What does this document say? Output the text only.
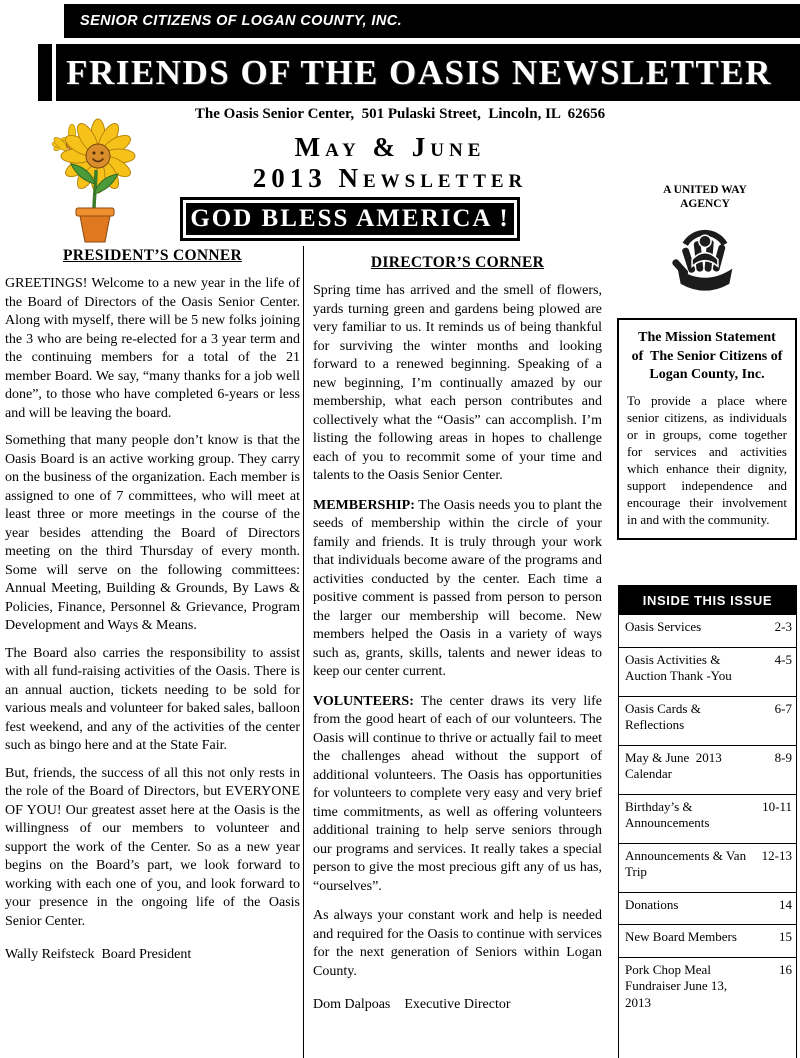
SENIOR CITIZENS OF LOGAN COUNTY, INC.
FRIENDS OF THE OASIS NEWSLETTER
The Oasis Senior Center,  501 Pulaski Street,  Lincoln, IL  62656
May & June
2013 Newsletter
GOD BLESS AMERICA !
A UNITED WAY AGENCY
PRESIDENT’S CONNER

GREETINGS! Welcome to a new year in the life of the Board of Directors of the Oasis Senior Center. Along with myself, there will be 5 new folks joining the 3 who are being re-elected for a 3 year term and the continuing members for a total of the 21 member Board. We say, “many thanks for a job well done”, to those who have completed 6-years or less and will be leaving the board.

Something that many people don’t know is that the Oasis Board is an active working group. They carry on the business of the organization. Each member is assigned to one of 7 committees, who will meet at least three or more meetings in the course of the year besides attending the Board of Directors meeting on the third Thursday of every month. Some will serve on the following committees: Annual Meeting, Building & Grounds, By Laws & Policies, Finance, Personnel & Grievance, Program Development and Ways & Means.

The Board also carries the responsibility to assist with all fund-raising activities of the Oasis. There is an annual auction, tickets needing to be sold for various meals and volunteer for baked sales, balloon fest weekend, and any of the activities of the center such as bingo here and at the State Fair.

But, friends, the success of all this not only rests in the role of the Board of Directors, but EVERYONE OF YOU! Our greatest asset here at the Oasis is the willingness of our members to volunteer and support the work of the Center. So as a new year begins on the Board’s part, we look forward to working with each one of you, and look forward to your presence in the ongoing life of the Oasis Senior Center.

Wally Reifsteck  Board President
DIRECTOR’S CORNER

Spring time has arrived and the smell of flowers, yards turning green and gardens being plowed are very familiar to us. It reminds us of being thankful for surviving the winter months and looking forward to a renewed beginning. Speaking of a new beginning, I’m continually amazed by our membership, what each person contributes and collectively what the “Oasis” can accomplish. I’m listing the following areas in hopes to challenge each of you to recommit some of your time and talents to the Oasis Senior Center.

MEMBERSHIP: The Oasis needs you to plant the seeds of membership within the circle of your family and friends. It is truly through your work that individuals become aware of the programs and activities conducted by the center. Each time a positive comment is passed from person to person the larger our membership will become. New members helped the Oasis in a variety of ways such as, grants, skills, talents and newer ideas to keep our center current.

VOLUNTEERS: The center draws its very life from the good heart of each of our volunteers. The Oasis will continue to thrive or actually fail to meet the challenges ahead without the support of additional volunteers. The Oasis has opportunities for volunteers to complete very easy and very brief time commitments, as well as offering volunteers additional training to help serve seniors through our programs and services. It really takes a special person to give the most precious gift any of us has, “ourselves”.

As always your constant work and help is needed and required for the Oasis to continue with services for the next generation of Seniors within Logan County.

Dom Dalpoas    Executive Director
The Mission Statement
of  The Senior Citizens of
Logan County, Inc.
To provide a place where senior citizens, as individuals or in groups, come together for services and activities which enhance their dignity, support independence and encourage their involvement in and with the community.
INSIDE THIS ISSUE
Oasis Services	2-3
Oasis Activities & Auction Thank -You
4-5
Oasis Cards & Reflections
6-7
May & June  2013 Calendar
8-9
Birthday’s & Announcements
10-11
Announcements & Van Trip
12-13
Donations	14
New Board Members	15
Pork Chop Meal Fundraiser June 13, 2013
16
